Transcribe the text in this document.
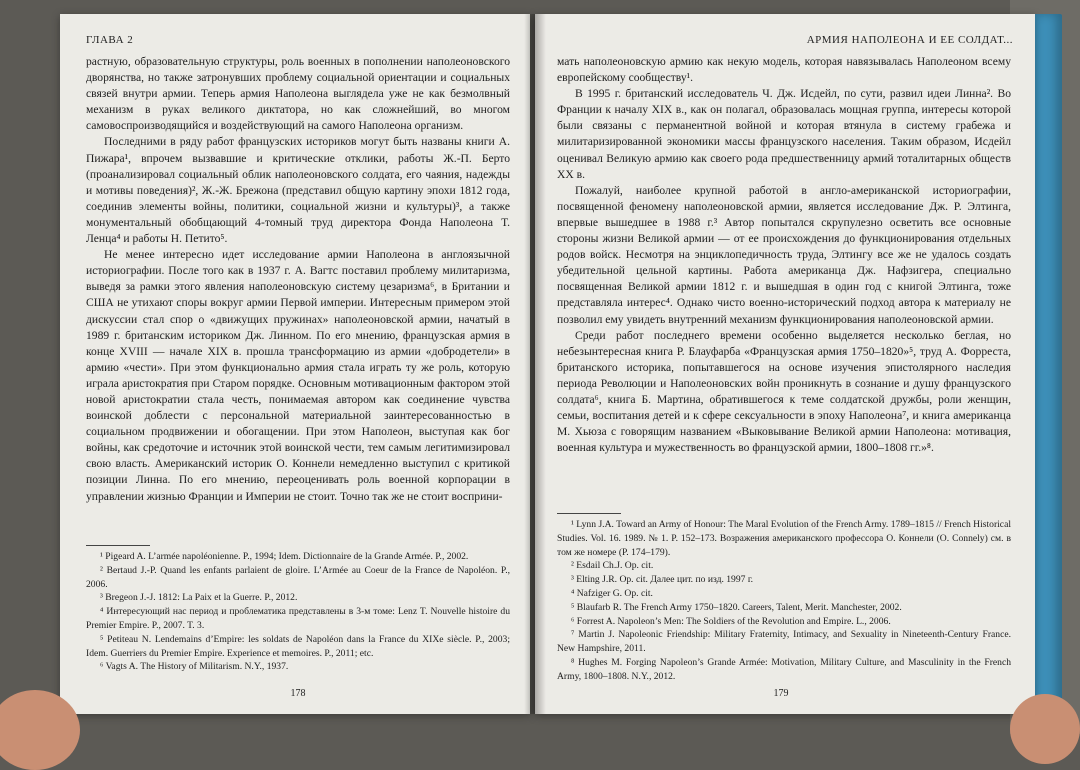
ГЛАВА 2

растную, образовательную структуры, роль военных в пополнении наполеоновского дворянства, но также затронувших проблему социальной ориентации и социальных связей внутри армии. Теперь армия Наполеона выглядела уже не как безмолвный механизм в руках великого диктатора, но как сложнейший, во многом самовоспроизводящийся и воздействующий на самого Наполеона организм.

Последними в ряду работ французских историков могут быть названы книги А. Пижара¹, впрочем вызвавшие и критические отклики, работы Ж.-П. Берто (проанализировал социальный облик наполеоновского солдата, его чаяния, надежды и мотивы поведения)², Ж.-Ж. Брежона (представил общую картину эпохи 1812 года, соединив элементы войны, политики, социальной жизни и культуры)³, а также монументальный обобщающий 4-томный труд директора Фонда Наполеона Т. Ленца⁴ и работы Н. Петито⁵.

Не менее интересно идет исследование армии Наполеона в англоязычной историографии. После того как в 1937 г. А. Вагтс поставил проблему милитаризма, выведя за рамки этого явления наполеоновскую систему цезаризма⁶, в Британии и США не утихают споры вокруг армии Первой империи. Интересным примером этой дискуссии стал спор о «движущих пружинах» наполеоновской армии, начатый в 1989 г. британским историком Дж. Линном. По его мнению, французская армия в конце XVIII — начале XIX в. прошла трансформацию из армии «добродетели» в армию «чести». При этом функционально армия стала играть ту же роль, которую играла аристократия при Старом порядке. Основным мотивационным фактором этой новой аристократии стала честь, понимаемая автором как соединение чувства воинской доблести с персональной материальной заинтересованностью в социальном продвижении и обогащении. При этом Наполеон, выступая как бог войны, как средоточие и источник этой воинской чести, тем самым легитимизировал свою власть. Американский историк О. Коннели немедленно выступил с критикой позиции Линна. По его мнению, переоценивать роль военной корпорации в управлении жизнью Франции и Империи не стоит. Точно так же не стоит восприни-

¹ Pigeard A. L’armée napoléonienne. P., 1994; Idem. Dictionnaire de la Grande Armée. P., 2002.
² Bertaud J.-P. Quand les enfants parlaient de gloire. L’Armée au Coeur de la France de Napoléon. P., 2006.
³ Bregeon J.-J. 1812: La Paix et la Guerre. P., 2012.
⁴ Интересующий нас период и проблематика представлены в 3-м томе: Lenz T. Nouvelle histoire du Premier Empire. P., 2007. T. 3.
⁵ Petiteau N. Lendemains d’Empire: les soldats de Napoléon dans la France du XIXe siècle. P., 2003; Idem. Guerriers du Premier Empire. Experience et memoires. P., 2011; etc.
⁶ Vagts A. The History of Militarism. N.Y., 1937.
178
АРМИЯ НАПОЛЕОНА И ЕЕ СОЛДАТ...

мать наполеоновскую армию как некую модель, которая навязывалась Наполеоном всему европейскому сообществу¹.

В 1995 г. британский исследователь Ч. Дж. Исдейл, по сути, развил идеи Линна². Во Франции к началу XIX в., как он полагал, образовалась мощная группа, интересы которой были связаны с перманентной войной и которая втянула в систему грабежа и милитаризированной экономики массы французского населения. Таким образом, Исдейл оценивал Великую армию как своего рода предшественницу армий тоталитарных обществ XX в.

Пожалуй, наиболее крупной работой в англо-американской историографии, посвященной феномену наполеоновской армии, является исследование Дж. Р. Элтинга, впервые вышедшее в 1988 г.³ Автор попытался скрупулезно осветить все основные стороны жизни Великой армии — от ее происхождения до функционирования отдельных родов войск. Несмотря на энциклопедичность труда, Элтингу все же не удалось создать убедительной цельной картины. Работа американца Дж. Нафзигера, специально посвященная Великой армии 1812 г. и вышедшая в один год с книгой Элтинга, тоже представляла интерес⁴. Однако чисто военно-исторический подход автора к материалу не позволил ему увидеть внутренний механизм функционирования наполеоновской армии.

Среди работ последнего времени особенно выделяется несколько беглая, но небезынтересная книга Р. Блауфарба «Французская армия 1750–1820»⁵, труд А. Форреста, британского историка, попытавшегося на основе изучения эпистолярного наследия периода Революции и Наполеоновских войн проникнуть в сознание и душу французского солдата⁶, книга Б. Мартина, обратившегося к теме солдатской дружбы, роли женщин, семьи, воспитания детей и к сфере сексуальности в эпоху Наполеона⁷, и книга американца М. Хьюза с говорящим названием «Выковывание Великой армии Наполеона: мотивация, военная культура и мужественность во французской армии, 1800–1808 гг.»⁸.

¹ Lynn J.A. Toward an Army of Honour: The Maral Evolution of the French Army. 1789–1815 // French Historical Studies. Vol. 16. 1989. № 1. P. 152–173. Возражения американского профессора О. Коннели (O. Connely) см. в том же номере (P. 174–179).
² Esdail Ch.J. Op. cit.
³ Elting J.R. Op. cit. Далее цит. по изд. 1997 г.
⁴ Nafziger G. Op. cit.
⁵ Blaufarb R. The French Army 1750–1820. Careers, Talent, Merit. Manchester, 2002.
⁶ Forrest A. Napoleon’s Men: The Soldiers of the Revolution and Empire. L., 2006.
⁷ Martin J. Napoleonic Friendship: Military Fraternity, Intimacy, and Sexuality in Nineteenth-Century France. New Hampshire, 2011.
⁸ Hughes M. Forging Napoleon’s Grande Armée: Motivation, Military Culture, and Masculinity in the French Army, 1800–1808. N.Y., 2012.
179
